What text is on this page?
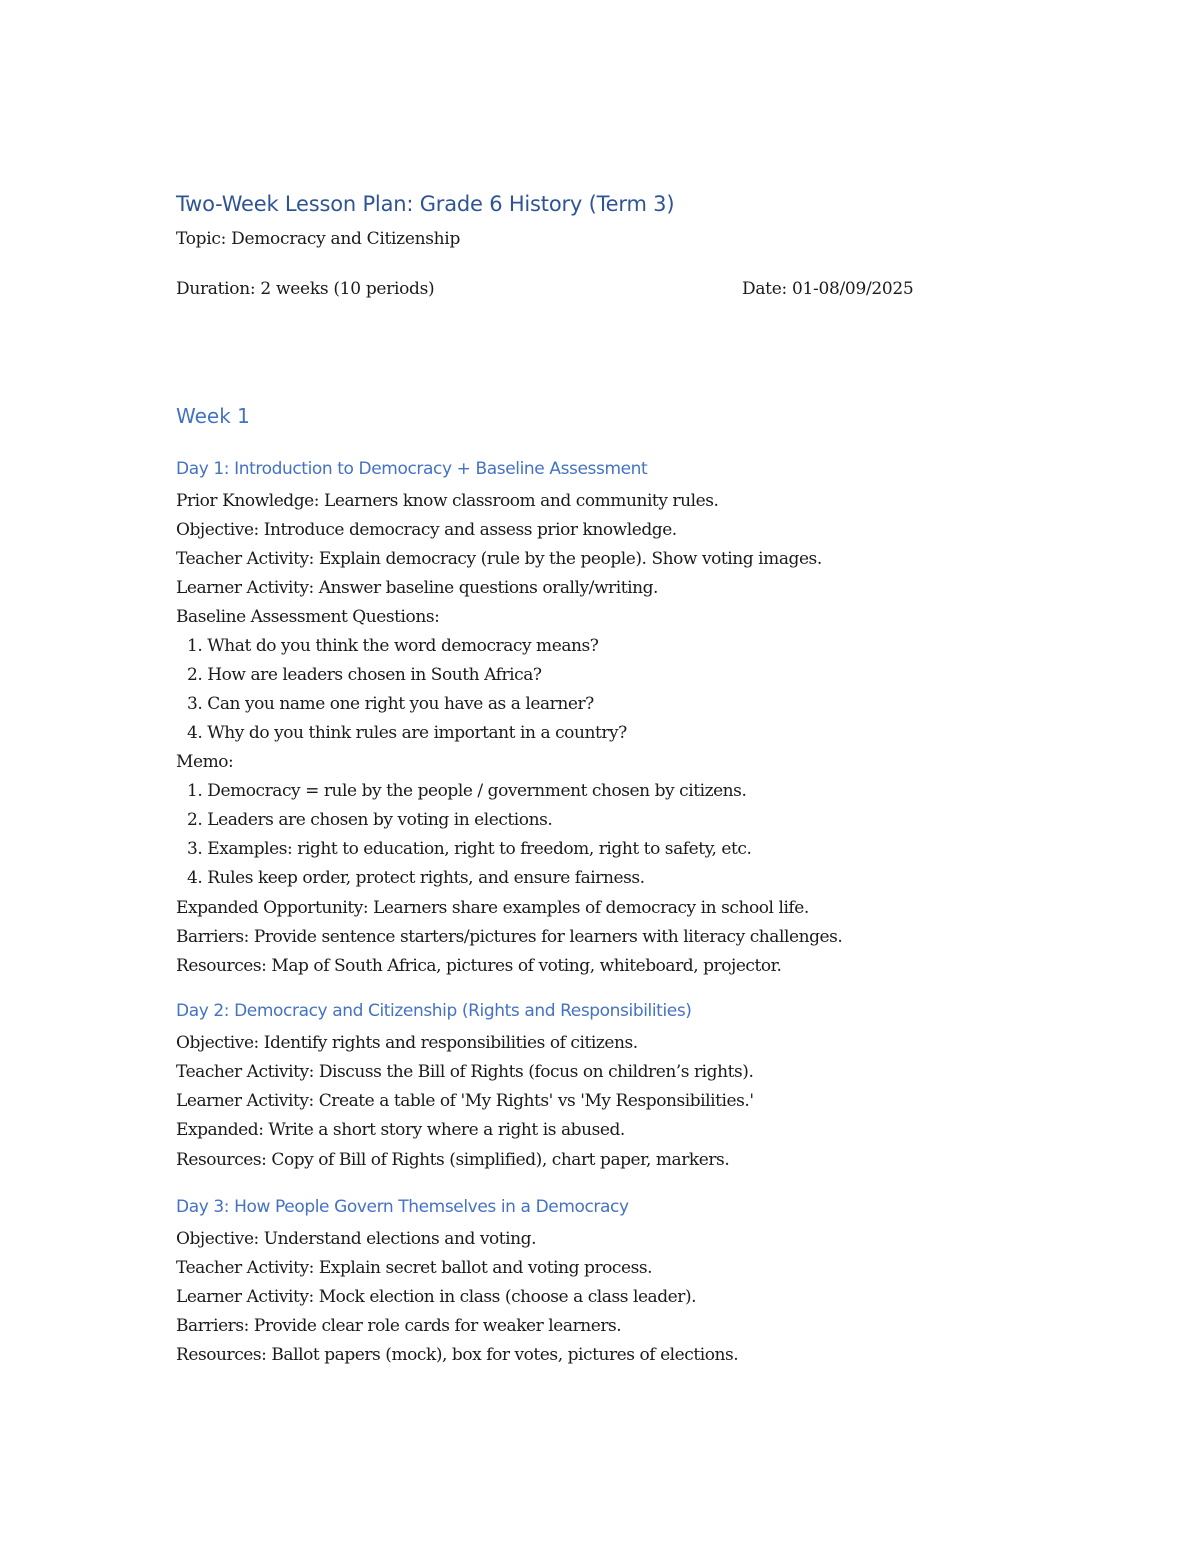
Two-Week Lesson Plan: Grade 6 History (Term 3)
Topic: Democracy and Citizenship
Duration: 2 weeks (10 periods)	Date: 01-08/09/2025
Week 1
Day 1: Introduction to Democracy + Baseline Assessment
Prior Knowledge: Learners know classroom and community rules.
Objective: Introduce democracy and assess prior knowledge.
Teacher Activity: Explain democracy (rule by the people). Show voting images.
Learner Activity: Answer baseline questions orally/writing.
Baseline Assessment Questions:
1. What do you think the word democracy means?
2. How are leaders chosen in South Africa?
3. Can you name one right you have as a learner?
4. Why do you think rules are important in a country?
Memo:
1. Democracy = rule by the people / government chosen by citizens.
2. Leaders are chosen by voting in elections.
3. Examples: right to education, right to freedom, right to safety, etc.
4. Rules keep order, protect rights, and ensure fairness.
Expanded Opportunity: Learners share examples of democracy in school life.
Barriers: Provide sentence starters/pictures for learners with literacy challenges.
Resources: Map of South Africa, pictures of voting, whiteboard, projector.
Day 2: Democracy and Citizenship (Rights and Responsibilities)
Objective: Identify rights and responsibilities of citizens.
Teacher Activity: Discuss the Bill of Rights (focus on children’s rights).
Learner Activity: Create a table of 'My Rights' vs 'My Responsibilities.'
Expanded: Write a short story where a right is abused.
Resources: Copy of Bill of Rights (simplified), chart paper, markers.
Day 3: How People Govern Themselves in a Democracy
Objective: Understand elections and voting.
Teacher Activity: Explain secret ballot and voting process.
Learner Activity: Mock election in class (choose a class leader).
Barriers: Provide clear role cards for weaker learners.
Resources: Ballot papers (mock), box for votes, pictures of elections.
